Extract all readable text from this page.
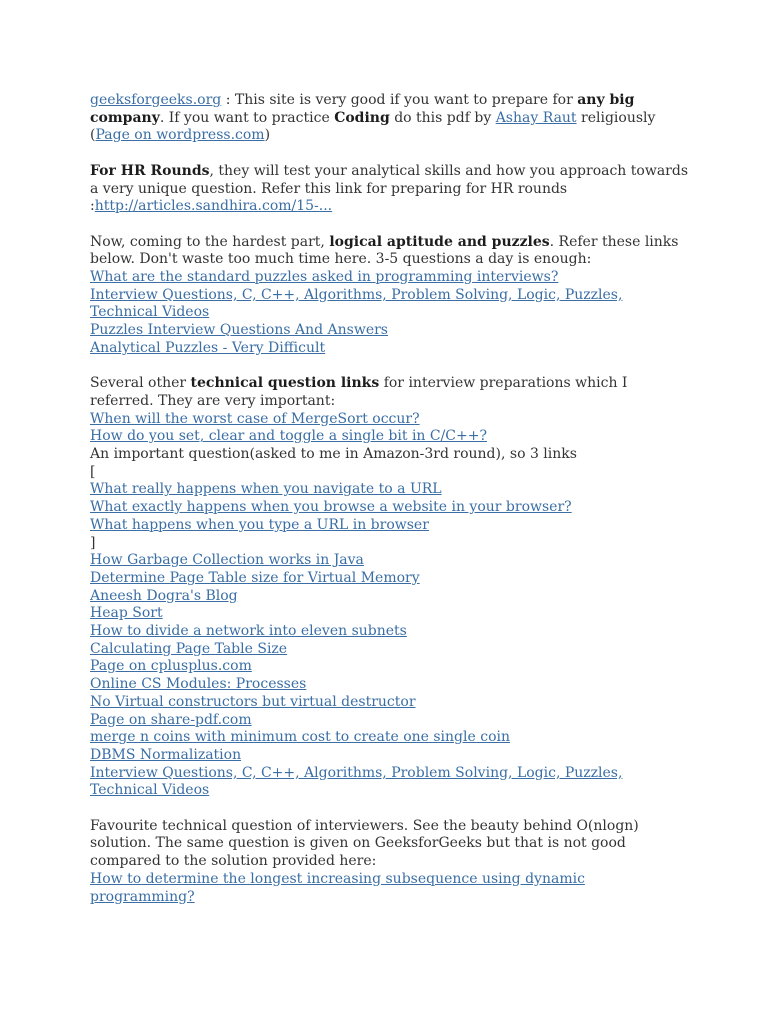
geeksforgeeks.org : This site is very good if you want to prepare for any big company. If you want to practice Coding do this pdf by Ashay Raut religiously (Page on wordpress.com)

For HR Rounds, they will test your analytical skills and how you approach towards a very unique question. Refer this link for preparing for HR rounds :http://articles.sandhira.com/15-...

Now, coming to the hardest part, logical aptitude and puzzles. Refer these links below. Don't waste too much time here. 3-5 questions a day is enough:

What are the standard puzzles asked in programming interviews?

Interview Questions, C, C++, Algorithms, Problem Solving, Logic, Puzzles, Technical Videos

Puzzles Interview Questions And Answers

Analytical Puzzles - Very Difficult

Several other technical question links for interview preparations which I referred. They are very important:

When will the worst case of MergeSort occur?

How do you set, clear and toggle a single bit in C/C++?

An important question(asked to me in Amazon-3rd round), so 3 links

[

What really happens when you navigate to a URL

What exactly happens when you browse a website in your browser?

What happens when you type a URL in browser

]

How Garbage Collection works in Java

Determine Page Table size for Virtual Memory

Aneesh Dogra's Blog

Heap Sort

How to divide a network into eleven subnets

Calculating Page Table Size

Page on cplusplus.com

Online CS Modules: Processes

No Virtual constructors but virtual destructor

Page on share-pdf.com

merge n coins with minimum cost to create one single coin

DBMS Normalization

Interview Questions, C, C++, Algorithms, Problem Solving, Logic, Puzzles, Technical Videos

Favourite technical question of interviewers. See the beauty behind O(nlogn) solution. The same question is given on GeeksforGeeks but that is not good compared to the solution provided here:

How to determine the longest increasing subsequence using dynamic programming?
